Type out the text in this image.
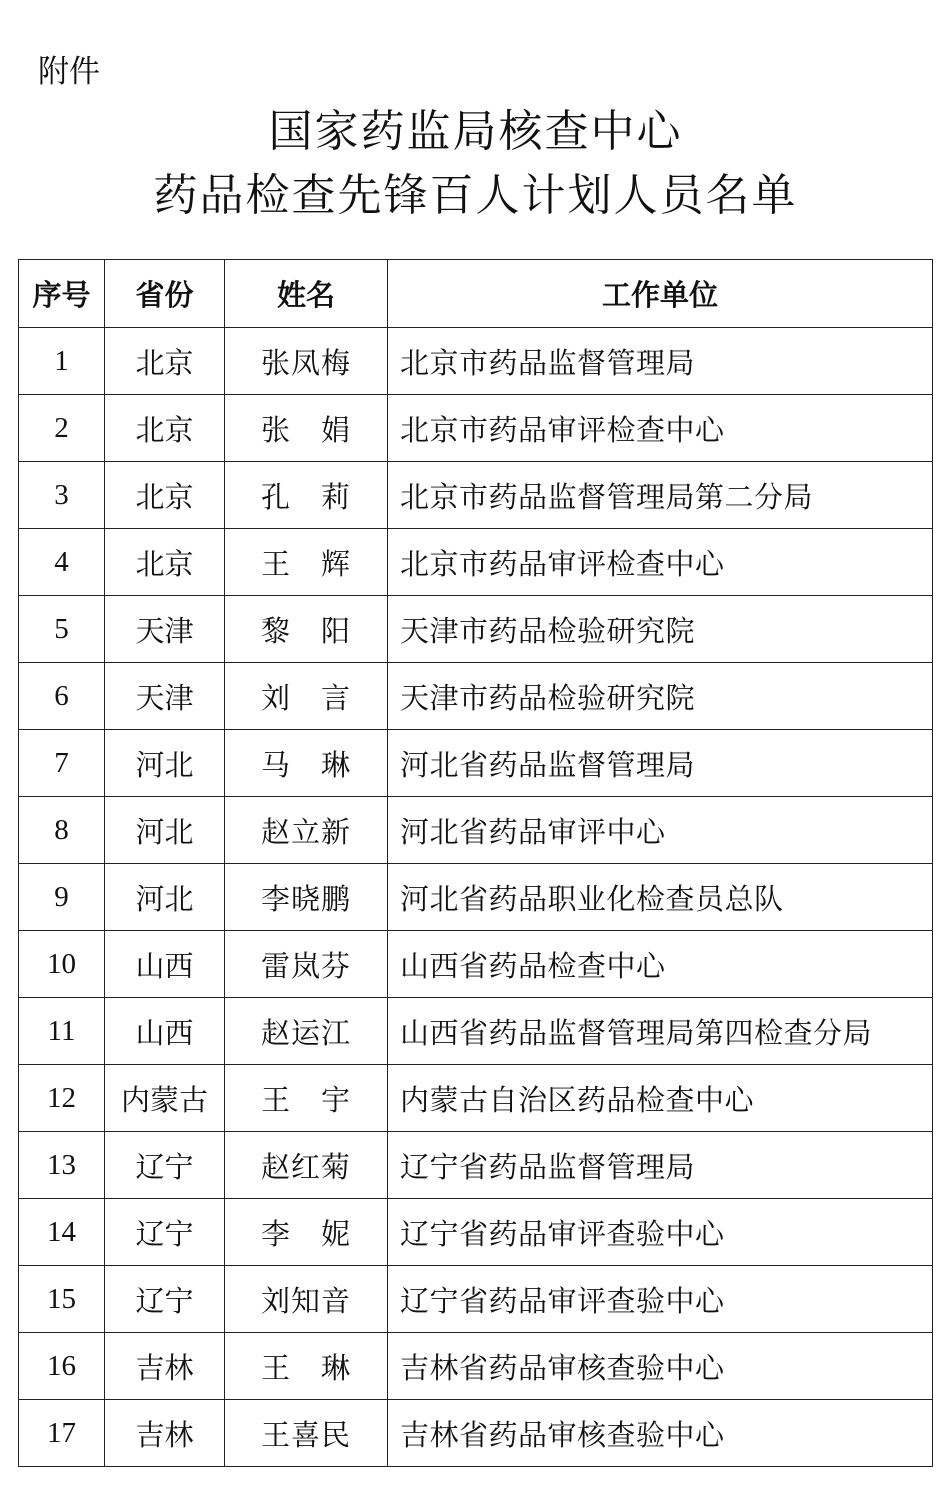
附件
国家药监局核查中心
药品检查先锋百人计划人员名单
序号	省份	姓名	工作单位
1	北京	张凤梅	北京市药品监督管理局
2	北京	张　娟	北京市药品审评检查中心
3	北京	孔　莉	北京市药品监督管理局第二分局
4	北京	王　辉	北京市药品审评检查中心
5	天津	黎　阳	天津市药品检验研究院
6	天津	刘　言	天津市药品检验研究院
7	河北	马　琳	河北省药品监督管理局
8	河北	赵立新	河北省药品审评中心
9	河北	李晓鹏	河北省药品职业化检查员总队
10	山西	雷岚芬	山西省药品检查中心
11	山西	赵运江	山西省药品监督管理局第四检查分局
12	内蒙古	王　宇	内蒙古自治区药品检查中心
13	辽宁	赵红菊	辽宁省药品监督管理局
14	辽宁	李　妮	辽宁省药品审评查验中心
15	辽宁	刘知音	辽宁省药品审评查验中心
16	吉林	王　琳	吉林省药品审核查验中心
17	吉林	王喜民	吉林省药品审核查验中心
